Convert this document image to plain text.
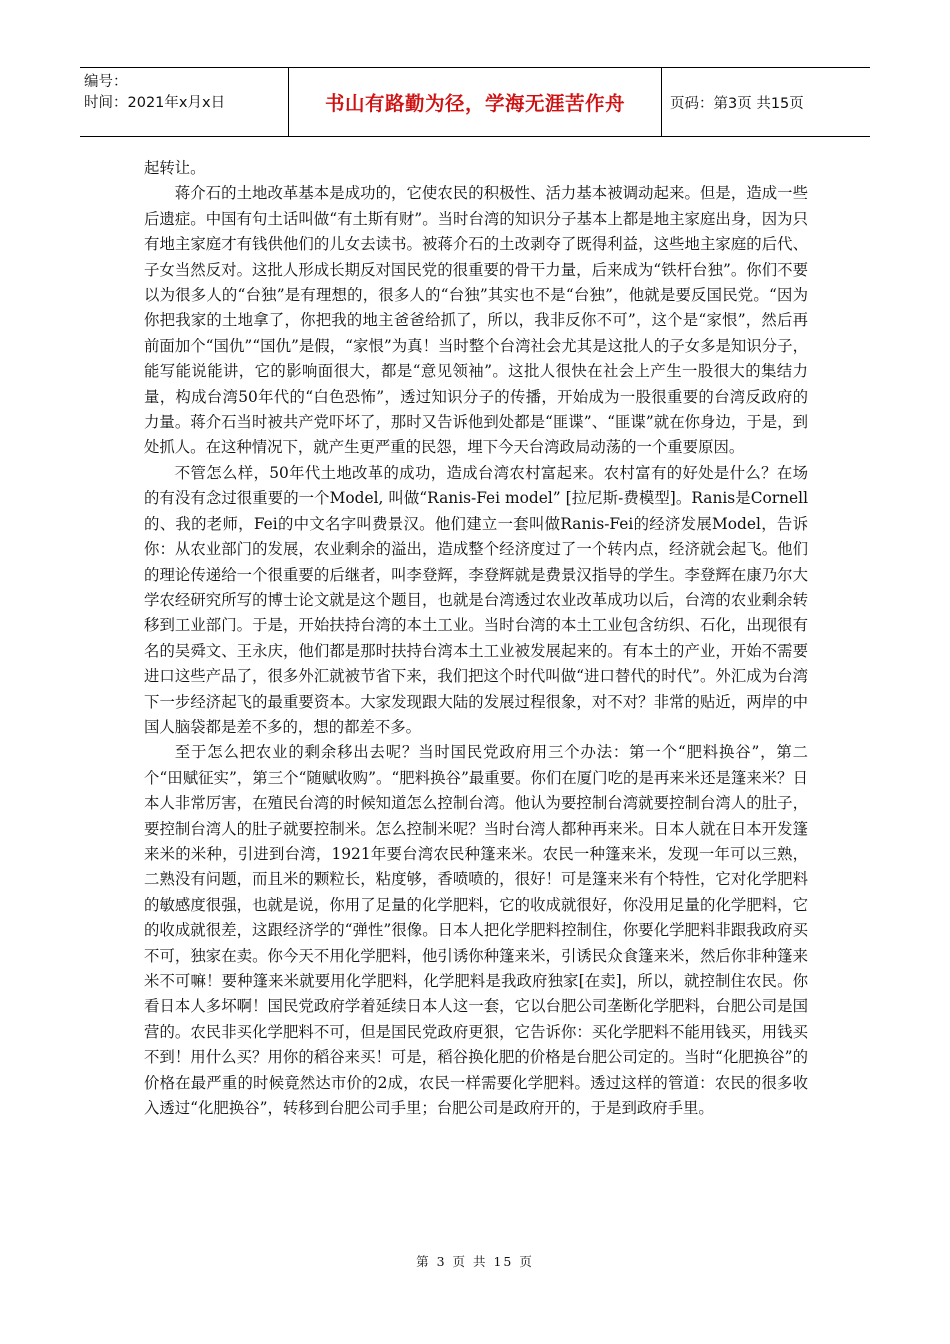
编号：
时间：2021年x月x日	书山有路勤为径，学海无涯苦作舟	页码：第3页 共15页

起转让。

蒋介石的土地改革基本是成功的，它使农民的积极性、活力基本被调动起来。但是，造成一些后遗症。中国有句土话叫做“有土斯有财”。当时台湾的知识分子基本上都是地主家庭出身，因为只有地主家庭才有钱供他们的儿女去读书。被蒋介石的土改剥夺了既得利益，这些地主家庭的后代、子女当然反对。这批人形成长期反对国民党的很重要的骨干力量，后来成为“铁杆台独”。你们不要以为很多人的“台独”是有理想的，很多人的“台独”其实也不是“台独”，他就是要反国民党。“因为你把我家的土地拿了，你把我的地主爸爸给抓了，所以，我非反你不可”，这个是“家恨”，然后再前面加个“国仇”“国仇”是假，“家恨”为真！当时整个台湾社会尤其是这批人的子女多是知识分子，能写能说能讲，它的影响面很大，都是“意见领袖”。这批人很快在社会上产生一股很大的集结力量，构成台湾50年代的“白色恐怖”，透过知识分子的传播，开始成为一股很重要的台湾反政府的力量。蒋介石当时被共产党吓坏了，那时又告诉他到处都是“匪谍”、“匪谍”就在你身边，于是，到处抓人。在这种情况下，就产生更严重的民怨，埋下今天台湾政局动荡的一个重要原因。

不管怎么样，50年代土地改革的成功，造成台湾农村富起来。农村富有的好处是什么？在场的有没有念过很重要的一个Model, 叫做“Ranis-Fei model” [拉尼斯-费模型]。Ranis是Cornell的、我的老师，Fei的中文名字叫费景汉。他们建立一套叫做Ranis-Fei的经济发展Model，告诉你：从农业部门的发展，农业剩余的溢出，造成整个经济度过了一个转内点，经济就会起飞。他们的理论传递给一个很重要的后继者，叫李登辉，李登辉就是费景汉指导的学生。李登辉在康乃尔大学农经研究所写的博士论文就是这个题目，也就是台湾透过农业改革成功以后，台湾的农业剩余转移到工业部门。于是，开始扶持台湾的本土工业。当时台湾的本土工业包含纺织、石化，出现很有名的吴舜文、王永庆，他们都是那时扶持台湾本土工业被发展起来的。有本土的产业，开始不需要进口这些产品了，很多外汇就被节省下来，我们把这个时代叫做“进口替代的时代”。外汇成为台湾下一步经济起飞的最重要资本。大家发现跟大陆的发展过程很象，对不对？非常的贴近，两岸的中国人脑袋都是差不多的，想的都差不多。

至于怎么把农业的剩余移出去呢？当时国民党政府用三个办法：第一个“肥料换谷”，第二个“田赋征实”，第三个“随赋收购”。“肥料换谷”最重要。你们在厦门吃的是再来米还是篷来米？日本人非常厉害，在殖民台湾的时候知道怎么控制台湾。他认为要控制台湾就要控制台湾人的肚子，要控制台湾人的肚子就要控制米。怎么控制米呢？当时台湾人都种再来米。日本人就在日本开发篷来米的米种，引进到台湾，1921年要台湾农民种篷来米。农民一种篷来米，发现一年可以三熟，二熟没有问题，而且米的颗粒长，粘度够，香喷喷的，很好！可是篷来米有个特性，它对化学肥料的敏感度很强，也就是说，你用了足量的化学肥料，它的收成就很好，你没用足量的化学肥料，它的收成就很差，这跟经济学的“弹性”很像。日本人把化学肥料控制住，你要化学肥料非跟我政府买不可，独家在卖。你今天不用化学肥料，他引诱你种篷来米，引诱民众食篷来米，然后你非种篷来米不可嘛！要种篷来米就要用化学肥料，化学肥料是我政府独家[在卖]，所以，就控制住农民。你看日本人多坏啊！国民党政府学着延续日本人这一套，它以台肥公司垄断化学肥料，台肥公司是国营的。农民非买化学肥料不可，但是国民党政府更狠，它告诉你：买化学肥料不能用钱买，用钱买不到！用什么买？用你的稻谷来买！可是，稻谷换化肥的价格是台肥公司定的。当时“化肥换谷”的价格在最严重的时候竟然达市价的2成，农民一样需要化学肥料。透过这样的管道：农民的很多收入透过“化肥换谷”，转移到台肥公司手里；台肥公司是政府开的，于是到政府手里。

第 3 页 共 15 页
